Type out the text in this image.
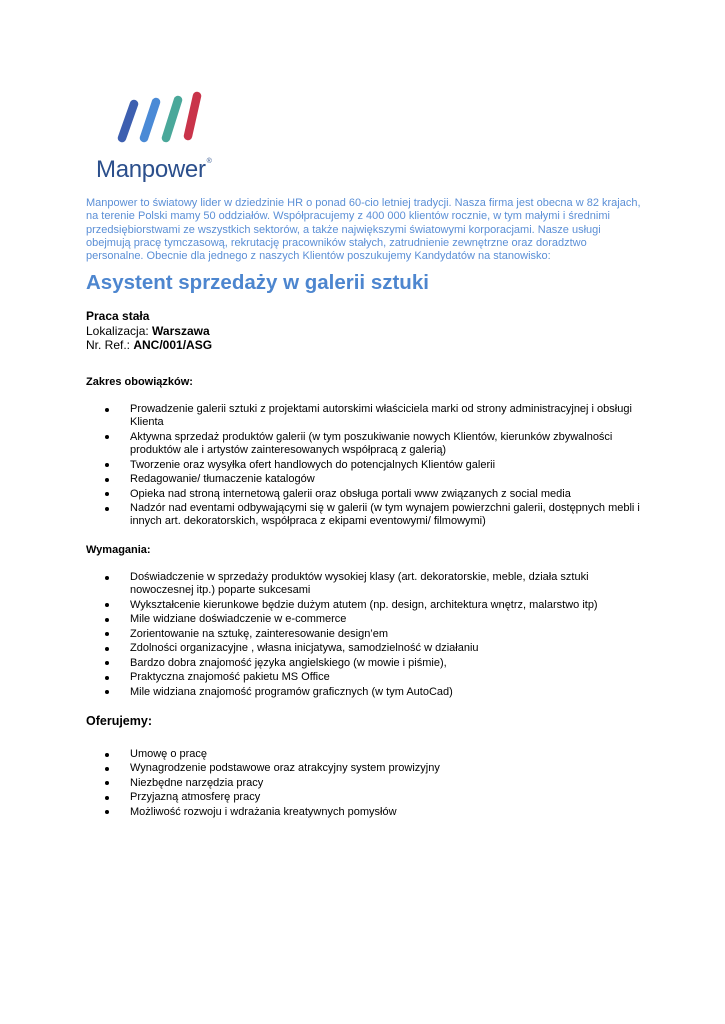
Manpower®
Manpower to światowy lider w dziedzinie HR o ponad 60-cio letniej tradycji. Nasza firma jest obecna w 82 krajach, na terenie Polski mamy 50 oddziałów. Współpracujemy z 400 000 klientów rocznie, w tym małymi i średnimi przedsiębiorstwami ze wszystkich sektorów, a także największymi światowymi korporacjami. Nasze usługi obejmują pracę tymczasową, rekrutację pracowników stałych, zatrudnienie zewnętrzne oraz doradztwo personalne. Obecnie dla jednego z naszych Klientów poszukujemy Kandydatów na stanowisko:
Asystent sprzedaży w galerii sztuki
Praca stała
Lokalizacja: Warszawa
Nr. Ref.: ANC/001/ASG
Zakres obowiązków:
Prowadzenie galerii sztuki z projektami autorskimi właściciela marki od strony administracyjnej i obsługi Klienta
Aktywna sprzedaż produktów galerii (w tym poszukiwanie nowych Klientów, kierunków zbywalności produktów ale i artystów zainteresowanych współpracą z galerią)
Tworzenie oraz wysyłka ofert handlowych do potencjalnych Klientów galerii
Redagowanie/ tłumaczenie katalogów
Opieka nad stroną internetową galerii oraz obsługa portali www związanych z social media
Nadzór nad eventami odbywającymi się w galerii (w tym wynajem powierzchni galerii, dostępnych mebli i innych art. dekoratorskich, współpraca z ekipami eventowymi/ filmowymi)
Wymagania:
Doświadczenie w sprzedaży produktów wysokiej klasy (art. dekoratorskie, meble, działa sztuki nowoczesnej itp.) poparte sukcesami
Wykształcenie kierunkowe będzie dużym atutem (np. design, architektura wnętrz, malarstwo itp)
Mile widziane doświadczenie w e-commerce
Zorientowanie na sztukę, zainteresowanie design’em
Zdolności organizacyjne , własna inicjatywa, samodzielność w działaniu
Bardzo dobra znajomość języka angielskiego (w mowie i piśmie),
Praktyczna znajomość pakietu MS Office
Mile widziana znajomość programów graficznych (w tym AutoCad)
Oferujemy:
Umowę o pracę
Wynagrodzenie podstawowe oraz atrakcyjny system prowizyjny
Niezbędne narzędzia pracy
Przyjazną atmosferę pracy
Możliwość rozwoju i wdrażania kreatywnych pomysłów
